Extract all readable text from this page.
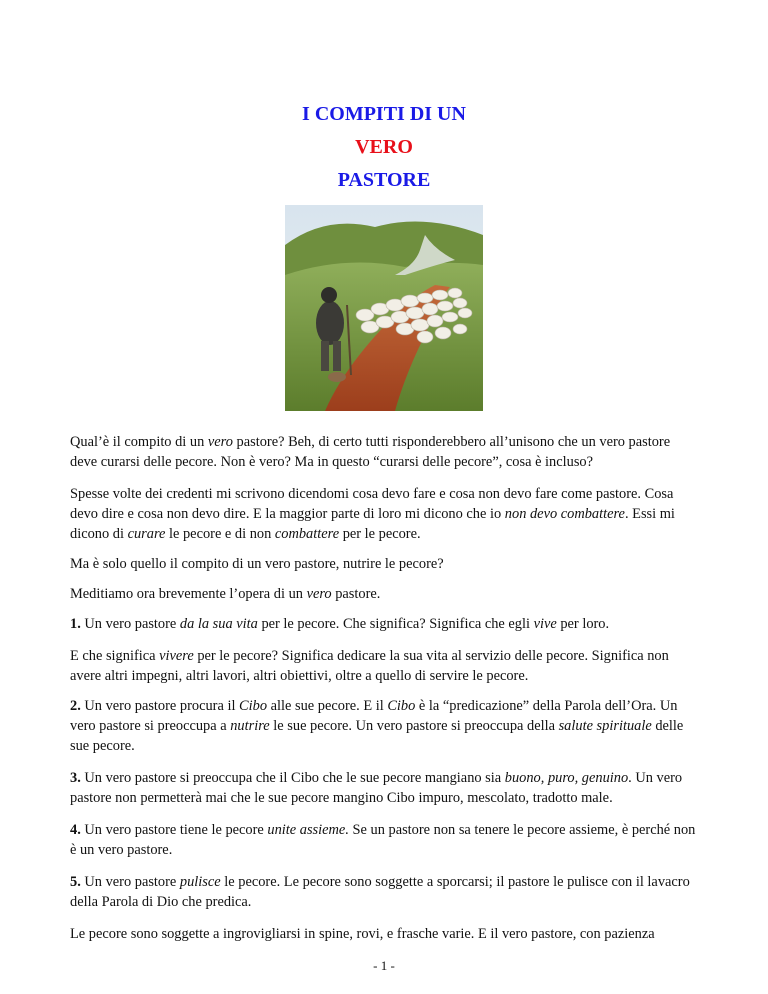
I COMPITI DI UN
VERO
PASTORE

Qual’è il compito di un vero pastore? Beh, di certo tutti risponderebbero all’unisono che un vero pastore deve curarsi delle pecore. Non è vero? Ma in questo “curarsi delle pecore”, cosa è incluso?

Spesse volte dei credenti mi scrivono dicendomi cosa devo fare e cosa non devo fare come pastore. Cosa devo dire e cosa non devo dire. E la maggior parte di loro mi dicono che io non devo combattere. Essi mi dicono di curare le pecore e di non combattere per le pecore.

Ma è solo quello il compito di un vero pastore, nutrire le pecore?

Meditiamo ora brevemente l’opera di un vero pastore.

1. Un vero pastore da la sua vita per le pecore. Che significa? Significa che egli vive per loro.

E che significa vivere per le pecore? Significa dedicare la sua vita al servizio delle pecore. Significa non avere altri impegni, altri lavori, altri obiettivi, oltre a quello di servire le pecore.

2. Un vero pastore procura il Cibo alle sue pecore. E il Cibo è la “predicazione” della Parola dell’Ora. Un vero pastore si preoccupa a nutrire le sue pecore. Un vero pastore si preoccupa della salute spirituale delle sue pecore.

3. Un vero pastore si preoccupa che il Cibo che le sue pecore mangiano sia buono, puro, genuino. Un vero pastore non permetterà mai che le sue pecore mangino Cibo impuro, mescolato, tradotto male.

4. Un vero pastore tiene le pecore unite assieme. Se un pastore non sa tenere le pecore assieme, è perché non è un vero pastore.

5. Un vero pastore pulisce le pecore. Le pecore sono soggette a sporcarsi; il pastore le pulisce con il lavacro della Parola di Dio che predica.

Le pecore sono soggette a ingrovigliarsi in spine, rovi, e frasche varie. E il vero pastore, con pazienza

- 1 -
